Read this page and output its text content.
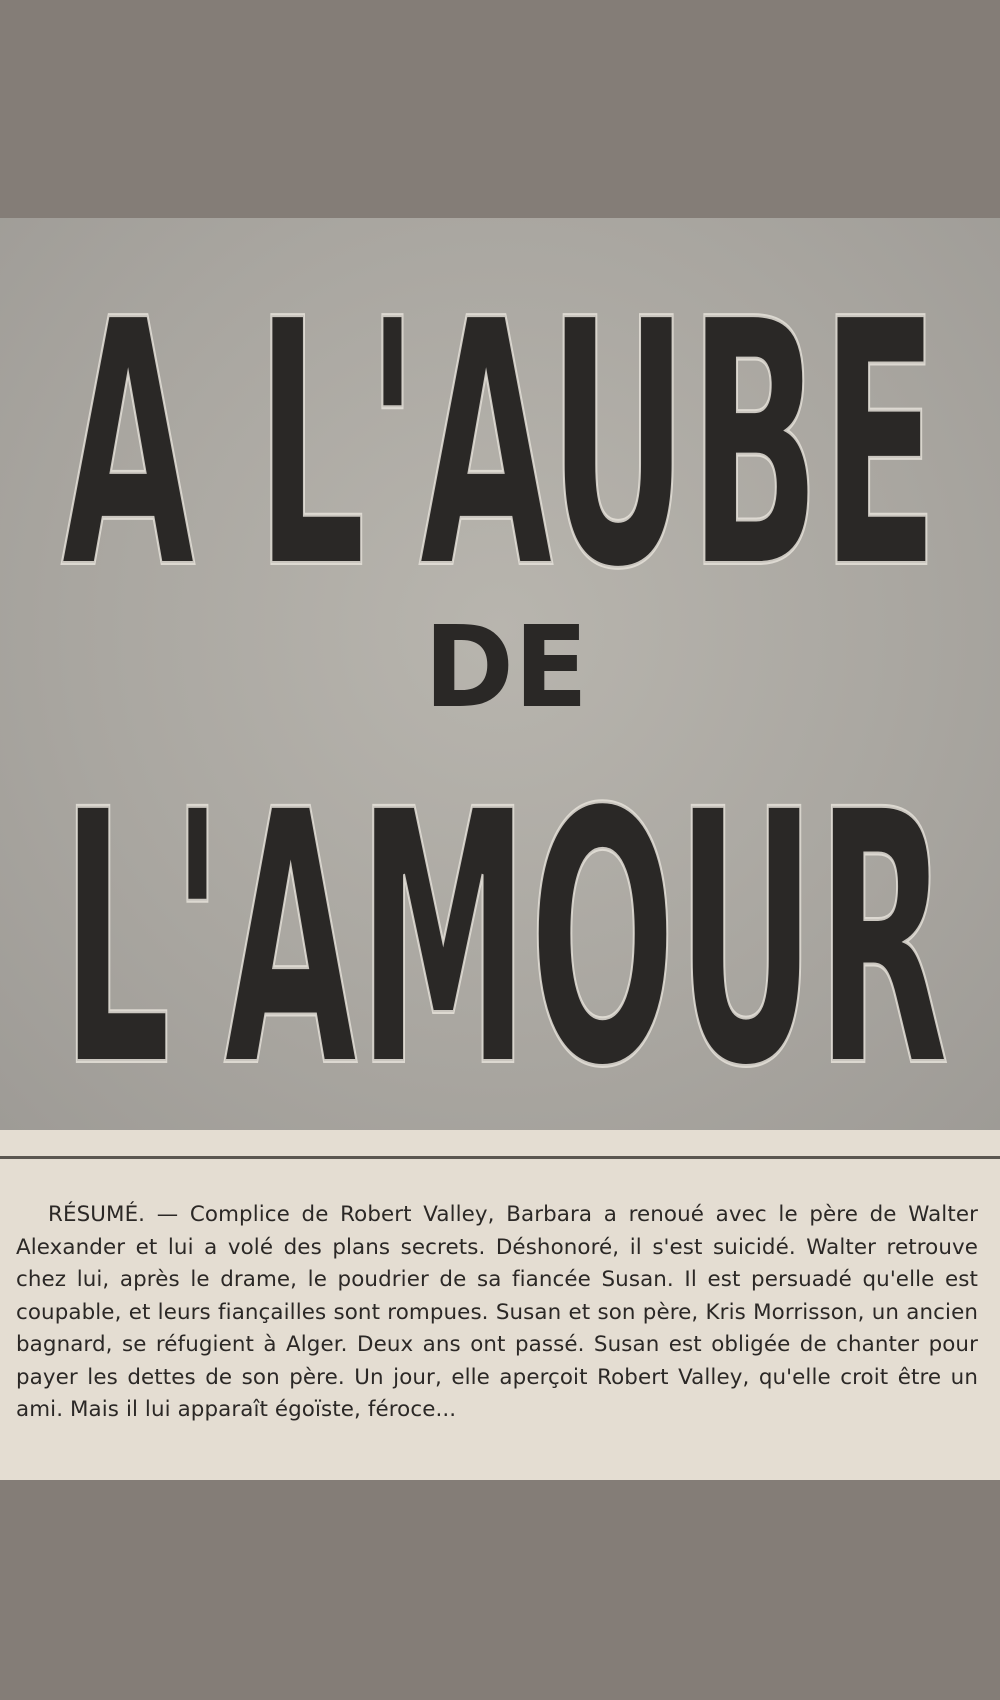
A L'AUBE
A L'AUBE
DE
L'AMOUR
L'AMOUR

RÉSUMÉ. — Complice de Robert Valley, Barbara a renoué avec le père de Walter Alexander et lui a volé des plans secrets. Déshonoré, il s'est suicidé. Walter retrouve chez lui, après le drame, le poudrier de sa fiancée Susan. Il est persuadé qu'elle est coupable, et leurs fiançailles sont rompues. Susan et son père, Kris Morrisson, un ancien bagnard, se réfugient à Alger. Deux ans ont passé. Susan est obligée de chanter pour payer les dettes de son père. Un jour, elle aperçoit Robert Valley, qu'elle croit être un ami. Mais il lui apparaît égoïste, féroce...
